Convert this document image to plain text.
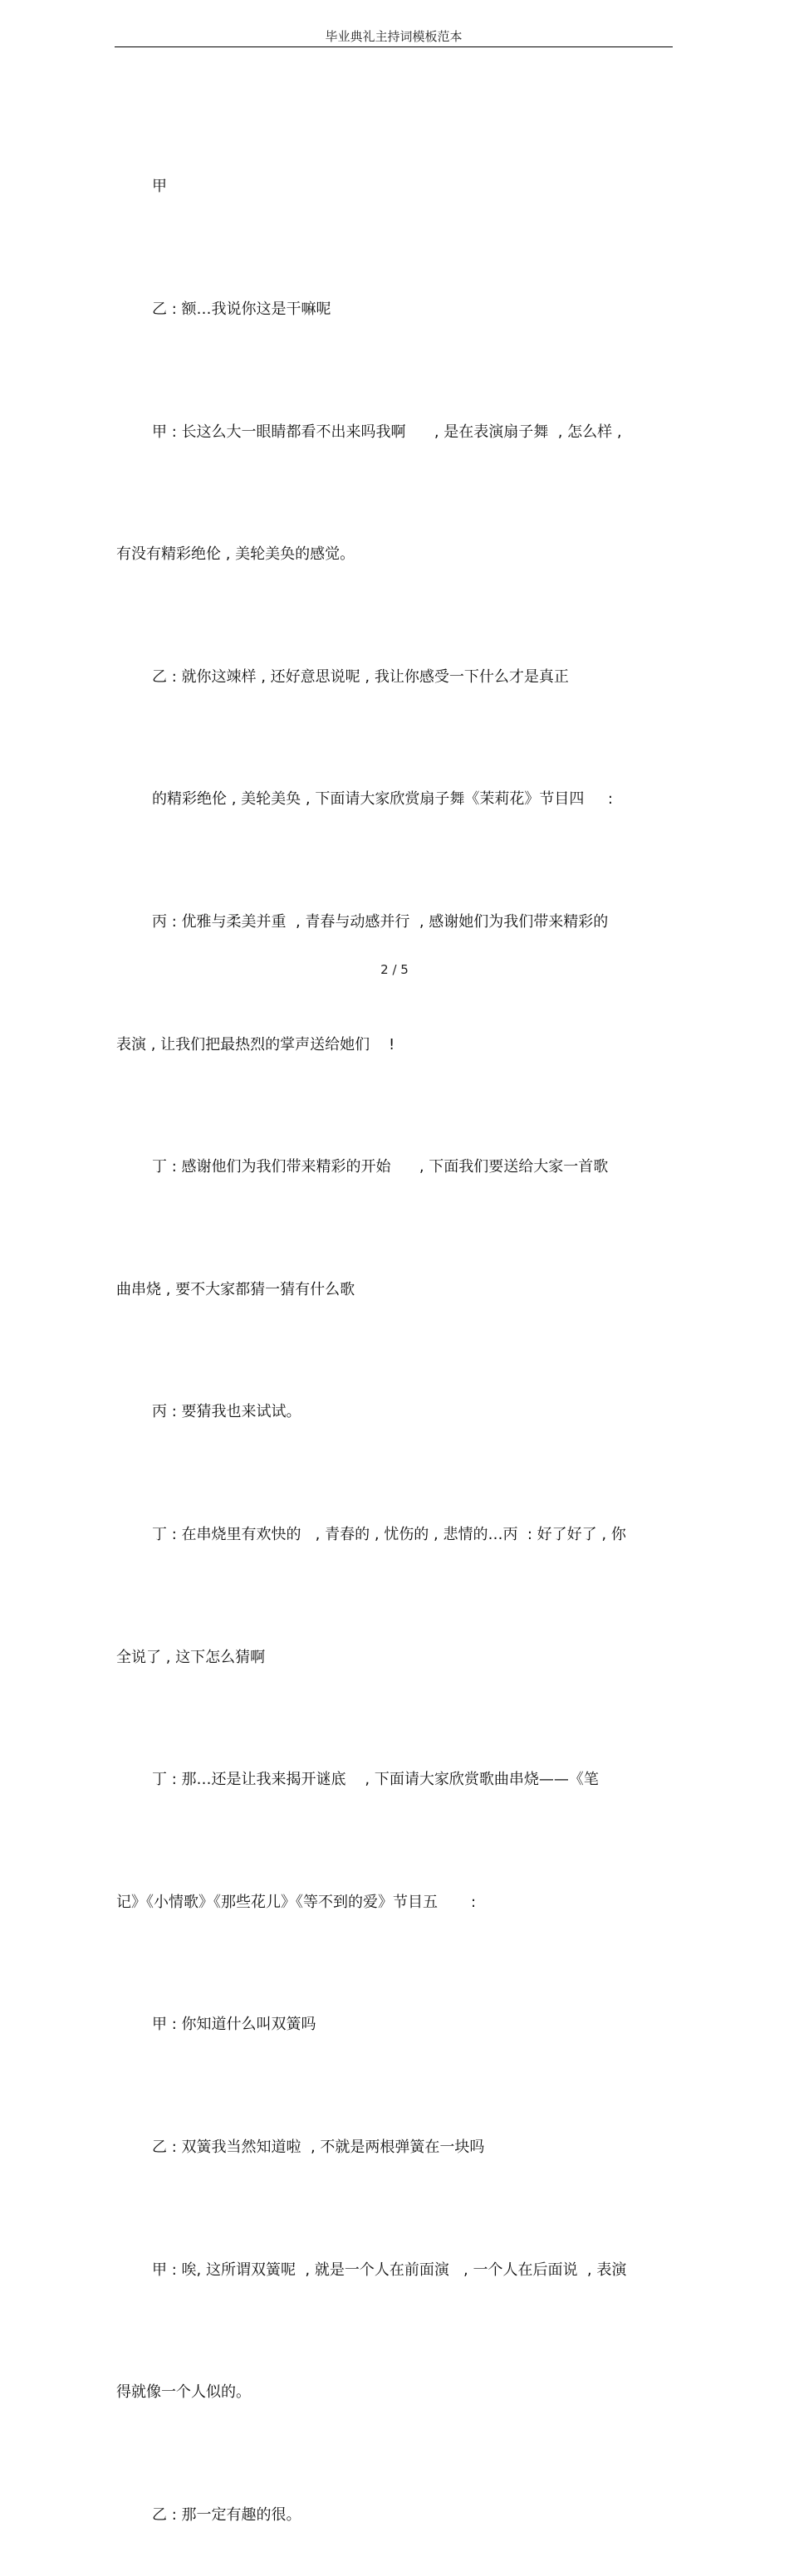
毕业典礼主持词模板范本

甲

乙 : 额…我说你这是干嘛呢

甲 : 长这么大一眼睛都看不出来吗我啊      , 是在表演扇子舞  , 怎么样 ,

有没有精彩绝伦 , 美轮美奂的感觉。

乙 : 就你这竦样 , 还好意思说呢 , 我让你感受一下什么才是真正

的精彩绝伦 , 美轮美奂 , 下面请大家欣赏扇子舞《茉莉花》节目四     :

丙 : 优雅与柔美并重  , 青春与动感并行  , 感谢她们为我们带来精彩的

表演 , 让我们把最热烈的掌声送给她们    !

丁 : 感谢他们为我们带来精彩的开始      , 下面我们要送给大家一首歌

曲串烧 , 要不大家都猜一猜有什么歌

丙 : 要猜我也来试试。

丁 : 在串烧里有欢快的   , 青春的 , 忧伤的 , 悲情的…丙  : 好了好了 , 你

全说了 , 这下怎么猜啊

丁 : 那…还是让我来揭开谜底    , 下面请大家欣赏歌曲串烧——《笔

记》《小情歌》《那些花儿》《等不到的爱》节目五       :

甲 : 你知道什么叫双簧吗

乙 : 双簧我当然知道啦  , 不就是两根弹簧在一块吗

甲 : 唉, 这所谓双簧呢  , 就是一个人在前面演   , 一个人在后面说  , 表演

得就像一个人似的。

乙 : 那一定有趣的很。

2 / 5
